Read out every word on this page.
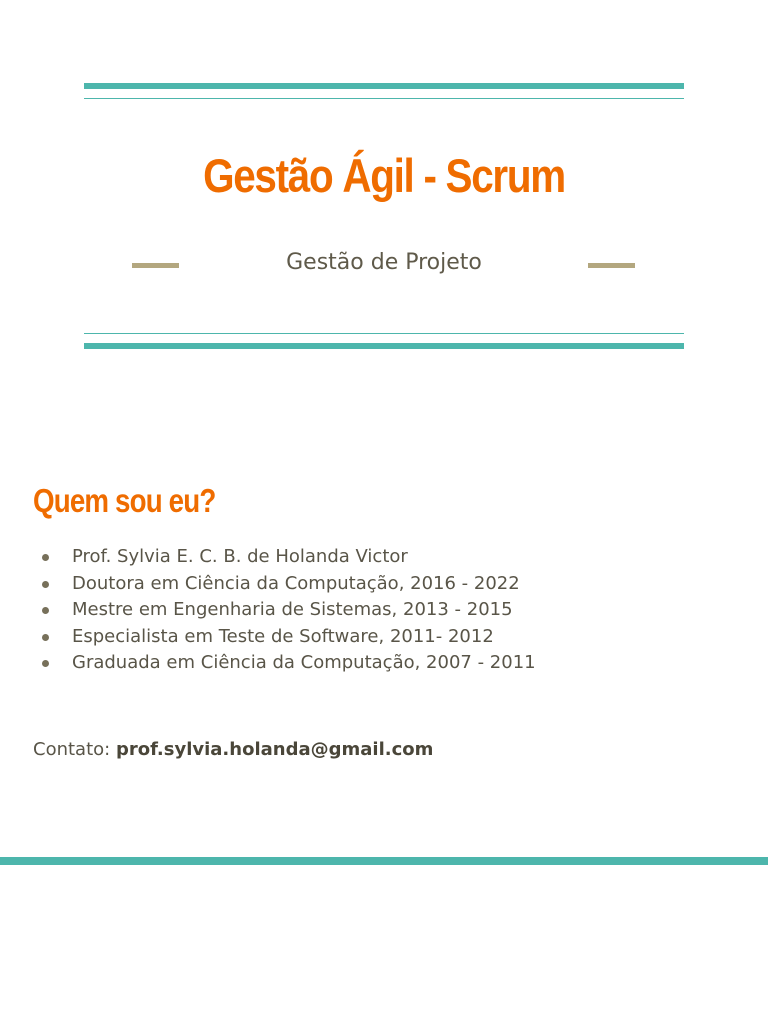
Gestão Ágil - Scrum

Gestão de Projeto

Quem sou eu?
Prof. Sylvia E. C. B. de Holanda Victor
Doutora em Ciência da Computação, 2016 - 2022
Mestre em Engenharia de Sistemas, 2013 - 2015
Especialista em Teste de Software, 2011- 2012
Graduada em Ciência da Computação, 2007 - 2011

Contato: prof.sylvia.holanda@gmail.com
